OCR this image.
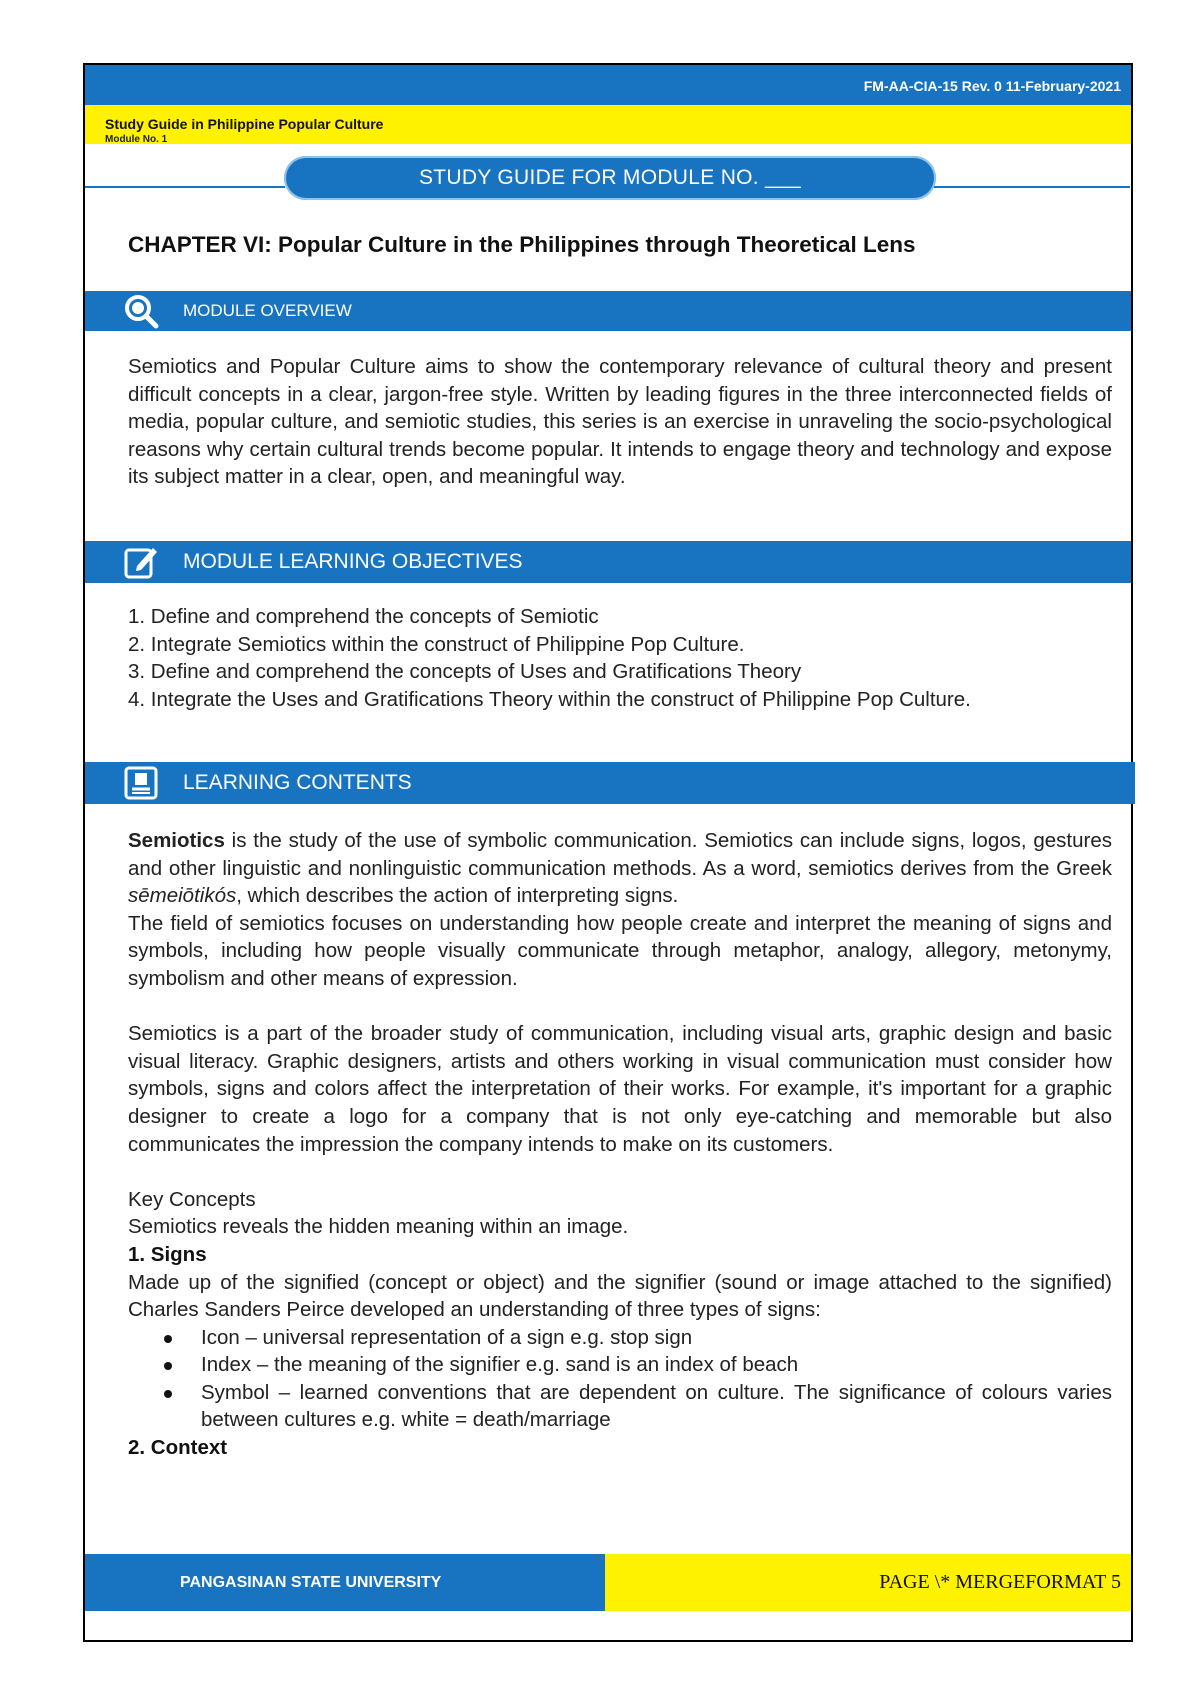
FM-AA-CIA-15 Rev. 0 11-February-2021
Study Guide in Philippine Popular Culture
Module No. 1
STUDY GUIDE FOR MODULE NO. ___
CHAPTER VI: Popular Culture in the Philippines through Theoretical Lens
MODULE OVERVIEW

Semiotics and Popular Culture aims to show the contemporary relevance of cultural theory and present difficult concepts in a clear, jargon-free style. Written by leading figures in the three interconnected fields of media, popular culture, and semiotic studies, this series is an exercise in unraveling the socio-psychological reasons why certain cultural trends become popular. It intends to engage theory and technology and expose its subject matter in a clear, open, and meaningful way.

MODULE LEARNING OBJECTIVES
1. Define and comprehend the concepts of Semiotic
2. Integrate Semiotics within the construct of Philippine Pop Culture.
3. Define and comprehend the concepts of Uses and Gratifications Theory
4. Integrate the Uses and Gratifications Theory within the construct of Philippine Pop Culture.
LEARNING CONTENTS

Semiotics is the study of the use of symbolic communication. Semiotics can include signs, logos, gestures and other linguistic and nonlinguistic communication methods. As a word, semiotics derives from the Greek sēmeiōtikós, which describes the action of interpreting signs.

The field of semiotics focuses on understanding how people create and interpret the meaning of signs and symbols, including how people visually communicate through metaphor, analogy, allegory, metonymy, symbolism and other means of expression.

Semiotics is a part of the broader study of communication, including visual arts, graphic design and basic visual literacy. Graphic designers, artists and others working in visual communication must consider how symbols, signs and colors affect the interpretation of their works. For example, it's important for a graphic designer to create a logo for a company that is not only eye-catching and memorable but also communicates the impression the company intends to make on its customers.

Key Concepts

Semiotics reveals the hidden meaning within an image.

1. Signs

Made up of the signified (concept or object) and the signifier (sound or image attached to the signified) Charles Sanders Peirce developed an understanding of three types of signs:

Icon – universal representation of a sign e.g. stop sign
Index – the meaning of the signifier e.g. sand is an index of beach
Symbol – learned conventions that are dependent on culture. The significance of colours varies between cultures e.g. white = death/marriage

2. Context

PANGASINAN STATE UNIVERSITY	PAGE \* MERGEFORMAT 5
